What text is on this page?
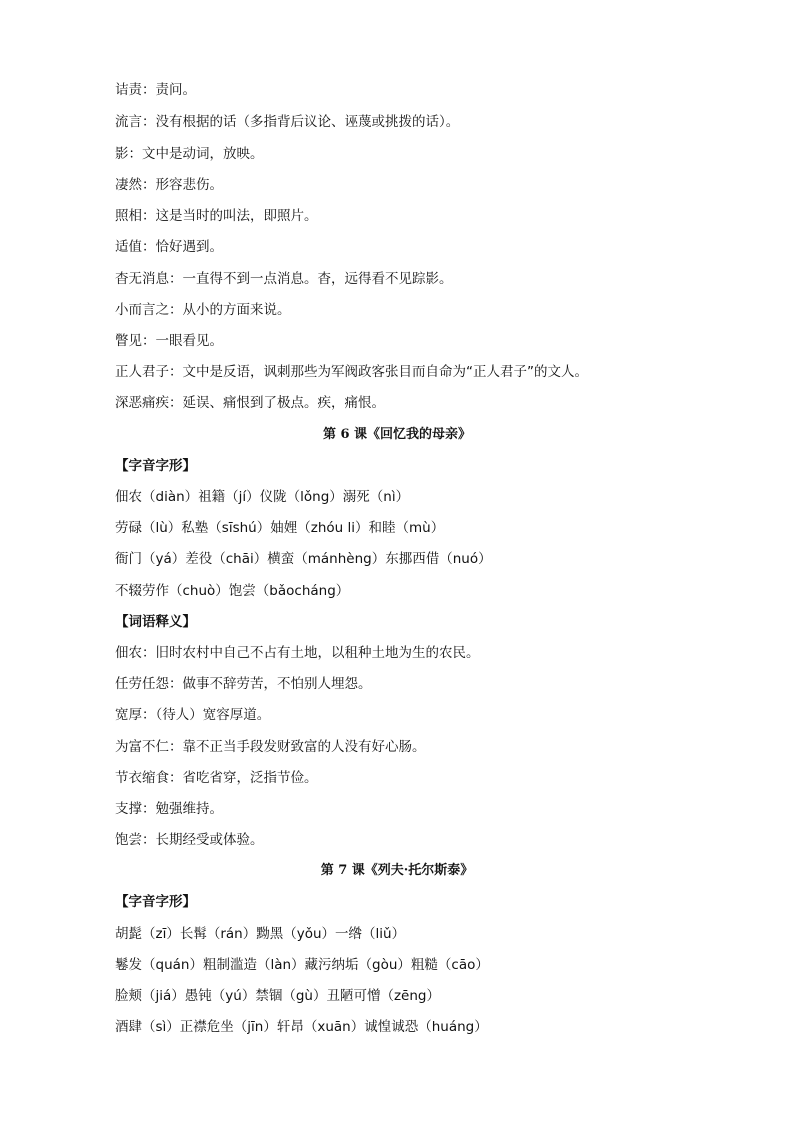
诘责：责问。
流言：没有根据的话（多指背后议论、诬蔑或挑拨的话）。
影：文中是动词，放映。
凄然：形容悲伤。
照相：这是当时的叫法，即照片。
适值：恰好遇到。
杳无消息：一直得不到一点消息。杳，远得看不见踪影。
小而言之：从小的方面来说。
瞥见：一眼看见。
正人君子：文中是反语，讽刺那些为军阀政客张目而自命为“正人君子”的文人。
深恶痛疾：延误、痛恨到了极点。疾，痛恨。
第 6 课《回忆我的母亲》
【字音字形】
佃农（diàn）祖籍（jí）仪陇（lǒng）溺死（nì）
劳碌（lù）私塾（sīshú）妯娌（zhóu li）和睦（mù）
衙门（yá）差役（chāi）横蛮（mánhèng）东挪西借（nuó）
不辍劳作（chuò）饱尝（bǎocháng）
【词语释义】
佃农：旧时农村中自己不占有土地，以租种土地为生的农民。
任劳任怨：做事不辞劳苦，不怕别人埋怨。
宽厚：（待人）宽容厚道。
为富不仁：靠不正当手段发财致富的人没有好心肠。
节衣缩食：省吃省穿，泛指节俭。
支撑：勉强维持。
饱尝：长期经受或体验。
第 7 课《列夫·托尔斯泰》
【字音字形】
胡髭（zī）长髯（rán）黝黑（yǒu）一绺（liǔ）
鬈发（quán）粗制滥造（làn）藏污纳垢（gòu）粗糙（cāo）
脸颊（jiá）愚钝（yú）禁锢（gù）丑陋可憎（zēng）
酒肆（sì）正襟危坐（jīn）轩昂（xuān）诚惶诚恐（huáng）
